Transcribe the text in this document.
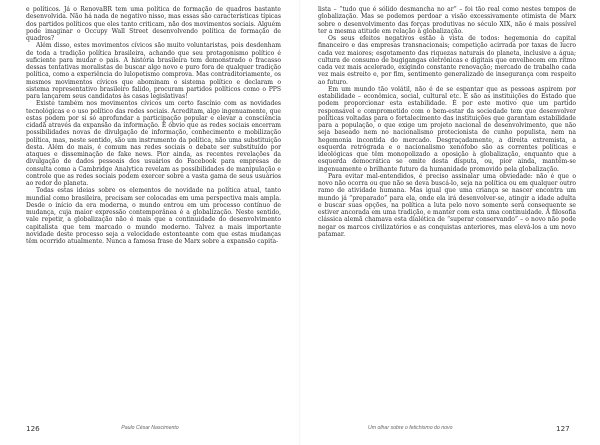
e políticos. Já o RenovaBR tem uma política de formação de quadros bastante desenvolvida. Não há nada de negativo nisso, mas essas são características típicas dos partidos políticos que eles tanto criticam, não dos movimentos sociais. Alguém pode imaginar o Occupy Wall Street desenvolvendo política de formação de quadros?

Além disso, estes movimentos cívicos são muito voluntaristas, pois desdenham de toda a tradição política brasileira, achando que seu protagonismo político é suficiente para mudar o país. A história brasileira tem demonstrado o fracasso dessas tentativas moralistas de buscar algo novo e puro fora de qualquer tradição política, como a experiência do lulopetismo comprova. Mas contraditoriamente, os mesmos movimentos cívicos que abominam o sistema político e declaram o sistema representativo brasileiro falido, procuram partidos políticos como o PPS para lançarem seus candidatos às casas legislativas!

Existe também nos movimentos cívicos um certo fascínio com as novidades tecnológicas e o uso político das redes sociais. Acreditam, algo ingenuamente, que estas podem por si só aprofundar a participação popular e elevar a consciência cidadã através da expansão da informação. É óbvio que as redes sociais encerram possibilidades novas de divulgação de informação, conhecimento e mobilização política, mas, neste sentido, são um instrumento da política, não uma substituição desta. Além do mais, é comum nas redes sociais o debate ser substituído por ataques e disseminação de fake news. Pior ainda, as recentes revelações da divulgação de dados pessoais dos usuários do Facebook para empresas de consulta como a Cambridge Analytica revelam as possibilidades de manipulação e controle que as redes sociais podem exercer sobre a vasta gama de seus usuários ao redor do planeta.

Todas estas ideias sobre os elementos de novidade na política atual, tanto mundial como brasileira, precisam ser colocadas em uma perspectiva mais ampla. Desde o início da era moderna, o mundo entrou em um processo contínuo de mudança, cuja maior expressão contemporânea é a globalização. Neste sentido, vale repetir, a globalização não é mais que a continuidade do desenvolvimento capitalista que tem marcado o mundo moderno. Talvez a mais importante novidade deste processo seja a velocidade estonteante com que estas mudanças têm ocorrido atualmente. Nunca a famosa frase de Marx sobre a expansão capita-

126	Paulo César Nascimento

lista – “tudo que é sólido desmancha no ar” – foi tão real como nestes tempos de globalização. Mas se podemos perdoar a visão excessivamente otimista de Marx sobre o desenvolvimento das forças produtivas no século XIX, não é mais possível ter a mesma atitude em relação à globalização.

Os seus efeitos negativos estão à vista de todos: hegemonia do capital financeiro e das empresas transnacionais; competição acirrada por taxas de lucro cada vez maiores; esgotamento das riquezas naturais do planeta, inclusive a água; cultura de consumo de bugigangas eletrônicas e digitais que envelhecem em ritmo cada vez mais acelerado, exigindo constante renovação; mercado de trabalho cada vez mais estreito e, por fim, sentimento generalizado de insegurança com respeito ao futuro.

Em um mundo tão volátil, não é de se espantar que as pessoas aspirem por estabilidade – econômica, social, cultural etc. E são as instituições do Estado que podem proporcionar esta estabilidade. É por este motivo que um partido responsável e comprometido com o bem-estar da sociedade tem que desenvolver políticas voltadas para o fortalecimento das instituições que garantam estabilidade para a população, o que exige um projeto nacional de desenvolvimento, que não seja baseado nem no nacionalismo protecionista de cunho populista, nem na hegemonia incontida do mercado. Desgraçadamente, a direita extremista, a esquerda retrógrada e o nacionalismo xenófobo são as correntes políticas e ideológicas que têm monopolizado a oposição à globalização, enquanto que a esquerda democrática se omite desta disputa, ou, pior ainda, mantém-se ingenuamente o brilhante futuro da humanidade promovido pela globalização.

Para evitar mal-entendidos, é preciso assinalar uma obviedade: não é que o novo não ocorra ou que não se deva buscá-lo, seja na política ou em qualquer outro ramo de atividade humana. Mas igual que uma criança se nascer encontra um mundo já “preparado” para ela, onde ela irá desenvolver-se, atingir a idade adulta e buscar suas opções, na política a luta pelo novo somente será consequente se estiver ancorada em uma tradição, e manter com esta uma continuidade. A filosofia clássica alemã chamava esta dialética de “superar conservando” – o novo não pode negar os marcos civilizatórios e as conquistas anteriores, mas elevá-los a um novo patamar.

Um olhar sobre o fetichismo do novo	127
